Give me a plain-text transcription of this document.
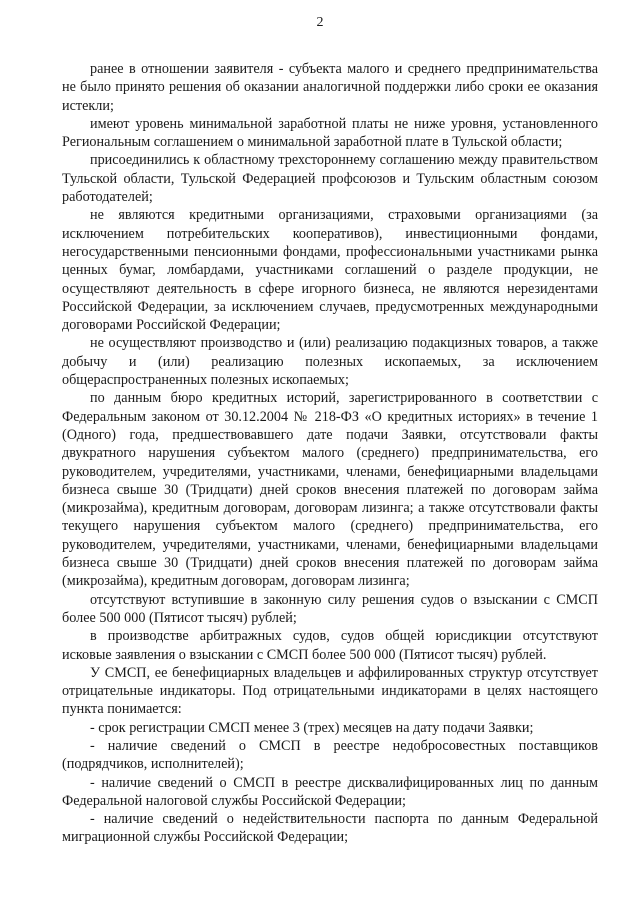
2

ранее в отношении заявителя - субъекта малого и среднего предпринимательства не было принято решения об оказании аналогичной поддержки либо сроки ее оказания истекли;

имеют уровень минимальной заработной платы не ниже уровня, установленного Региональным соглашением о минимальной заработной плате в Тульской области;

присоединились к областному трехстороннему соглашению между правительством Тульской области, Тульской Федерацией профсоюзов и Тульским областным союзом работодателей;

не являются кредитными организациями, страховыми организациями (за исключением потребительских кооперативов), инвестиционными фондами, негосударственными пенсионными фондами, профессиональными участниками рынка ценных бумаг, ломбардами, участниками соглашений о разделе продукции, не осуществляют деятельность в сфере игорного бизнеса, не являются нерезидентами Российской Федерации, за исключением случаев, предусмотренных международными договорами Российской Федерации;

не осуществляют производство и (или) реализацию подакцизных товаров, а также добычу и (или) реализацию полезных ископаемых, за исключением общераспространенных полезных ископаемых;

по данным бюро кредитных историй, зарегистрированного в соответствии с Федеральным законом от 30.12.2004 № 218-ФЗ «О кредитных историях» в течение 1 (Одного) года, предшествовавшего дате подачи Заявки, отсутствовали факты двукратного нарушения субъектом малого (среднего) предпринимательства, его руководителем, учредителями, участниками, членами, бенефициарными владельцами бизнеса свыше 30 (Тридцати) дней сроков внесения платежей по договорам займа (микрозайма), кредитным договорам, договорам лизинга; а также отсутствовали факты текущего нарушения субъектом малого (среднего) предпринимательства, его руководителем, учредителями, участниками, членами, бенефициарными владельцами бизнеса свыше 30 (Тридцати) дней сроков внесения платежей по договорам займа (микрозайма), кредитным договорам, договорам лизинга;

отсутствуют вступившие в законную силу решения судов о взыскании с СМСП более 500 000 (Пятисот тысяч) рублей;

в производстве арбитражных судов, судов общей юрисдикции отсутствуют исковые заявления о взыскании с СМСП более 500 000 (Пятисот тысяч) рублей.

У СМСП, ее бенефициарных владельцев и аффилированных структур отсутствует отрицательные индикаторы. Под отрицательными индикаторами в целях настоящего пункта понимается:

- срок регистрации СМСП менее 3 (трех) месяцев на дату подачи Заявки;

- наличие сведений о СМСП в реестре недобросовестных поставщиков (подрядчиков, исполнителей);

- наличие сведений о СМСП в реестре дисквалифицированных лиц по данным Федеральной налоговой службы Российской Федерации;

- наличие сведений о недействительности паспорта по данным Федеральной миграционной службы Российской Федерации;
